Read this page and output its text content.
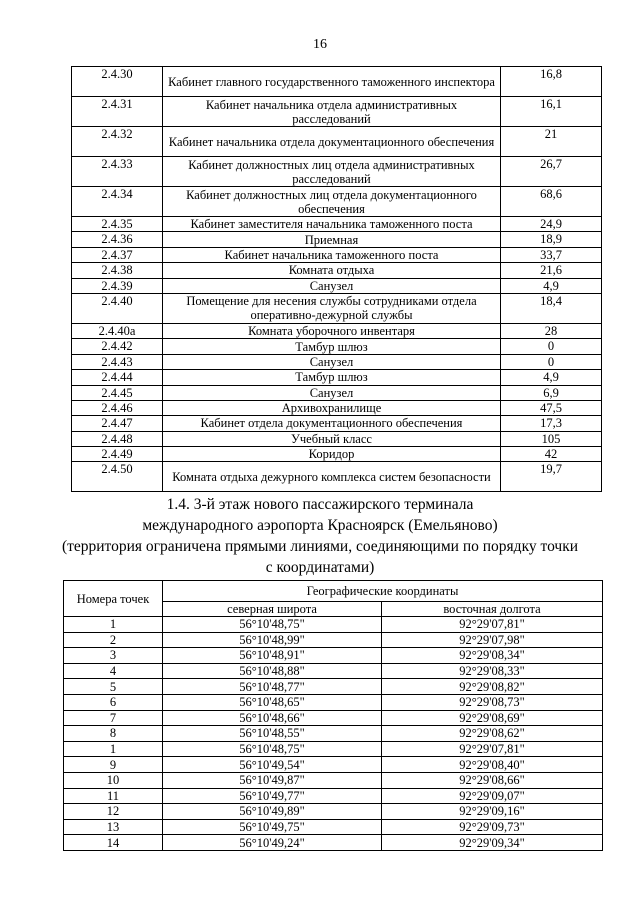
16
2.4.30	Кабинет главного государственного таможенного инспектора	16,8
2.4.31	Кабинет начальника отдела административных расследований	16,1
2.4.32	Кабинет начальника отдела документационного обеспечения	21
2.4.33	Кабинет должностных лиц отдела административных расследований	26,7
2.4.34	Кабинет должностных лиц отдела документационного обеспечения	68,6
2.4.35	Кабинет заместителя начальника таможенного поста	24,9
2.4.36	Приемная	18,9
2.4.37	Кабинет начальника таможенного поста	33,7
2.4.38	Комната отдыха	21,6
2.4.39	Санузел	4,9
2.4.40	Помещение для несения службы сотрудниками отдела оперативно-дежурной службы	18,4
2.4.40а	Комната уборочного инвентаря	28
2.4.42	Тамбур шлюз	0
2.4.43	Санузел	0
2.4.44	Тамбур шлюз	4,9
2.4.45	Санузел	6,9
2.4.46	Архивохранилище	47,5
2.4.47	Кабинет отдела документационного обеспечения	17,3
2.4.48	Учебный класс	105
2.4.49	Коридор	42
2.4.50	Комната отдыха дежурного комплекса систем безопасности	19,7
1.4. 3-й этаж нового пассажирского терминала
международного аэропорта Красноярск (Емельяново)
(территория ограничена прямыми линиями, соединяющими по порядку точки
с координатами)
Номера точек	Географические координаты	
	северная широта	восточная долгота
1	56°10'48,75"	92°29'07,81"
2	56°10'48,99"	92°29'07,98"
3	56°10'48,91"	92°29'08,34"
4	56°10'48,88"	92°29'08,33"
5	56°10'48,77"	92°29'08,82"
6	56°10'48,65"	92°29'08,73"
7	56°10'48,66"	92°29'08,69"
8	56°10'48,55"	92°29'08,62"
1	56°10'48,75"	92°29'07,81"
9	56°10'49,54"	92°29'08,40"
10	56°10'49,87"	92°29'08,66"
11	56°10'49,77"	92°29'09,07"
12	56°10'49,89"	92°29'09,16"
13	56°10'49,75"	92°29'09,73"
14	56°10'49,24"	92°29'09,34"
